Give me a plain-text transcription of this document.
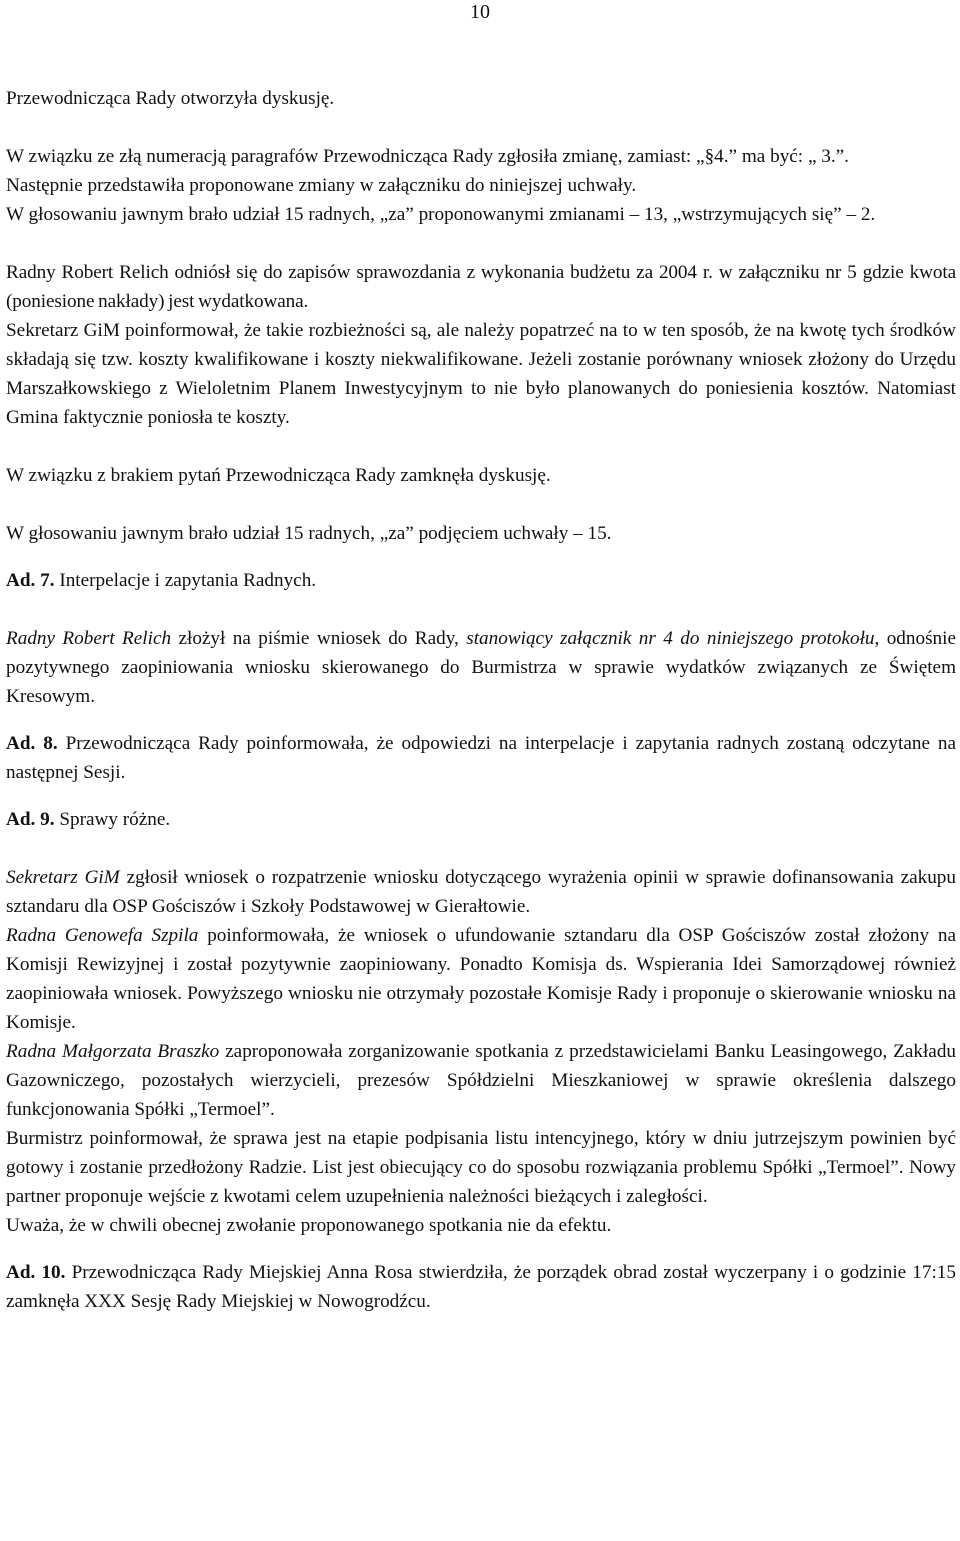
10

Przewodnicząca Rady otworzyła dyskusję.

W związku ze złą numeracją paragrafów Przewodnicząca Rady zgłosiła zmianę, zamiast: „§4.” ma być: „ 3.”.

Następnie przedstawiła proponowane zmiany w załączniku do niniejszej uchwały.

W głosowaniu jawnym brało udział 15 radnych, „za” proponowanymi zmianami – 13, „wstrzymujących się” – 2.

Radny Robert Relich odniósł się do zapisów sprawozdania z wykonania budżetu za 2004 r. w załączniku nr 5 gdzie kwota (poniesione nakłady) jest wydatkowana.

Sekretarz GiM poinformował, że takie rozbieżności są, ale należy popatrzeć na to w ten sposób, że na kwotę tych środków składają się tzw. koszty kwalifikowane i koszty niekwalifikowane. Jeżeli zostanie porównany wniosek złożony do Urzędu Marszałkowskiego z Wieloletnim Planem Inwestycyjnym to nie było planowanych do poniesienia kosztów. Natomiast Gmina faktycznie poniosła te koszty.

W związku z brakiem pytań Przewodnicząca Rady zamknęła dyskusję.

W głosowaniu jawnym brało udział 15 radnych, „za” podjęciem uchwały – 15.

Ad. 7. Interpelacje i zapytania Radnych.

Radny Robert Relich złożył na piśmie wniosek do Rady, stanowiący załącznik nr 4 do niniejszego protokołu, odnośnie pozytywnego zaopiniowania wniosku skierowanego do Burmistrza w sprawie wydatków związanych ze Świętem Kresowym.

Ad. 8. Przewodnicząca Rady poinformowała, że odpowiedzi na interpelacje i zapytania radnych zostaną odczytane na następnej Sesji.

Ad. 9. Sprawy różne.

Sekretarz GiM zgłosił wniosek o rozpatrzenie wniosku dotyczącego wyrażenia opinii w sprawie dofinansowania zakupu sztandaru dla OSP Gościszów i Szkoły Podstawowej w Gierałtowie.

Radna Genowefa Szpila poinformowała, że wniosek o ufundowanie sztandaru dla OSP Gościszów został złożony na Komisji Rewizyjnej i został pozytywnie zaopiniowany. Ponadto Komisja ds. Wspierania Idei Samorządowej również zaopiniowała wniosek. Powyższego wniosku nie otrzymały pozostałe Komisje Rady i proponuje o skierowanie wniosku na Komisje.

Radna Małgorzata Braszko zaproponowała zorganizowanie spotkania z przedstawicielami Banku Leasingowego, Zakładu Gazowniczego, pozostałych wierzycieli, prezesów Spółdzielni Mieszkaniowej w sprawie określenia dalszego funkcjonowania Spółki „Termoel”.

Burmistrz poinformował, że sprawa jest na etapie podpisania listu intencyjnego, który w dniu jutrzejszym powinien być gotowy i zostanie przedłożony Radzie. List jest obiecujący co do sposobu rozwiązania problemu Spółki „Termoel”. Nowy partner proponuje wejście z kwotami celem uzupełnienia należności bieżących i zaległości.

Uważa, że w chwili obecnej zwołanie proponowanego spotkania nie da efektu.

Ad. 10. Przewodnicząca Rady Miejskiej Anna Rosa stwierdziła, że porządek obrad został wyczerpany i o godzinie 17:15 zamknęła XXX Sesję Rady Miejskiej w Nowogrodźcu.
